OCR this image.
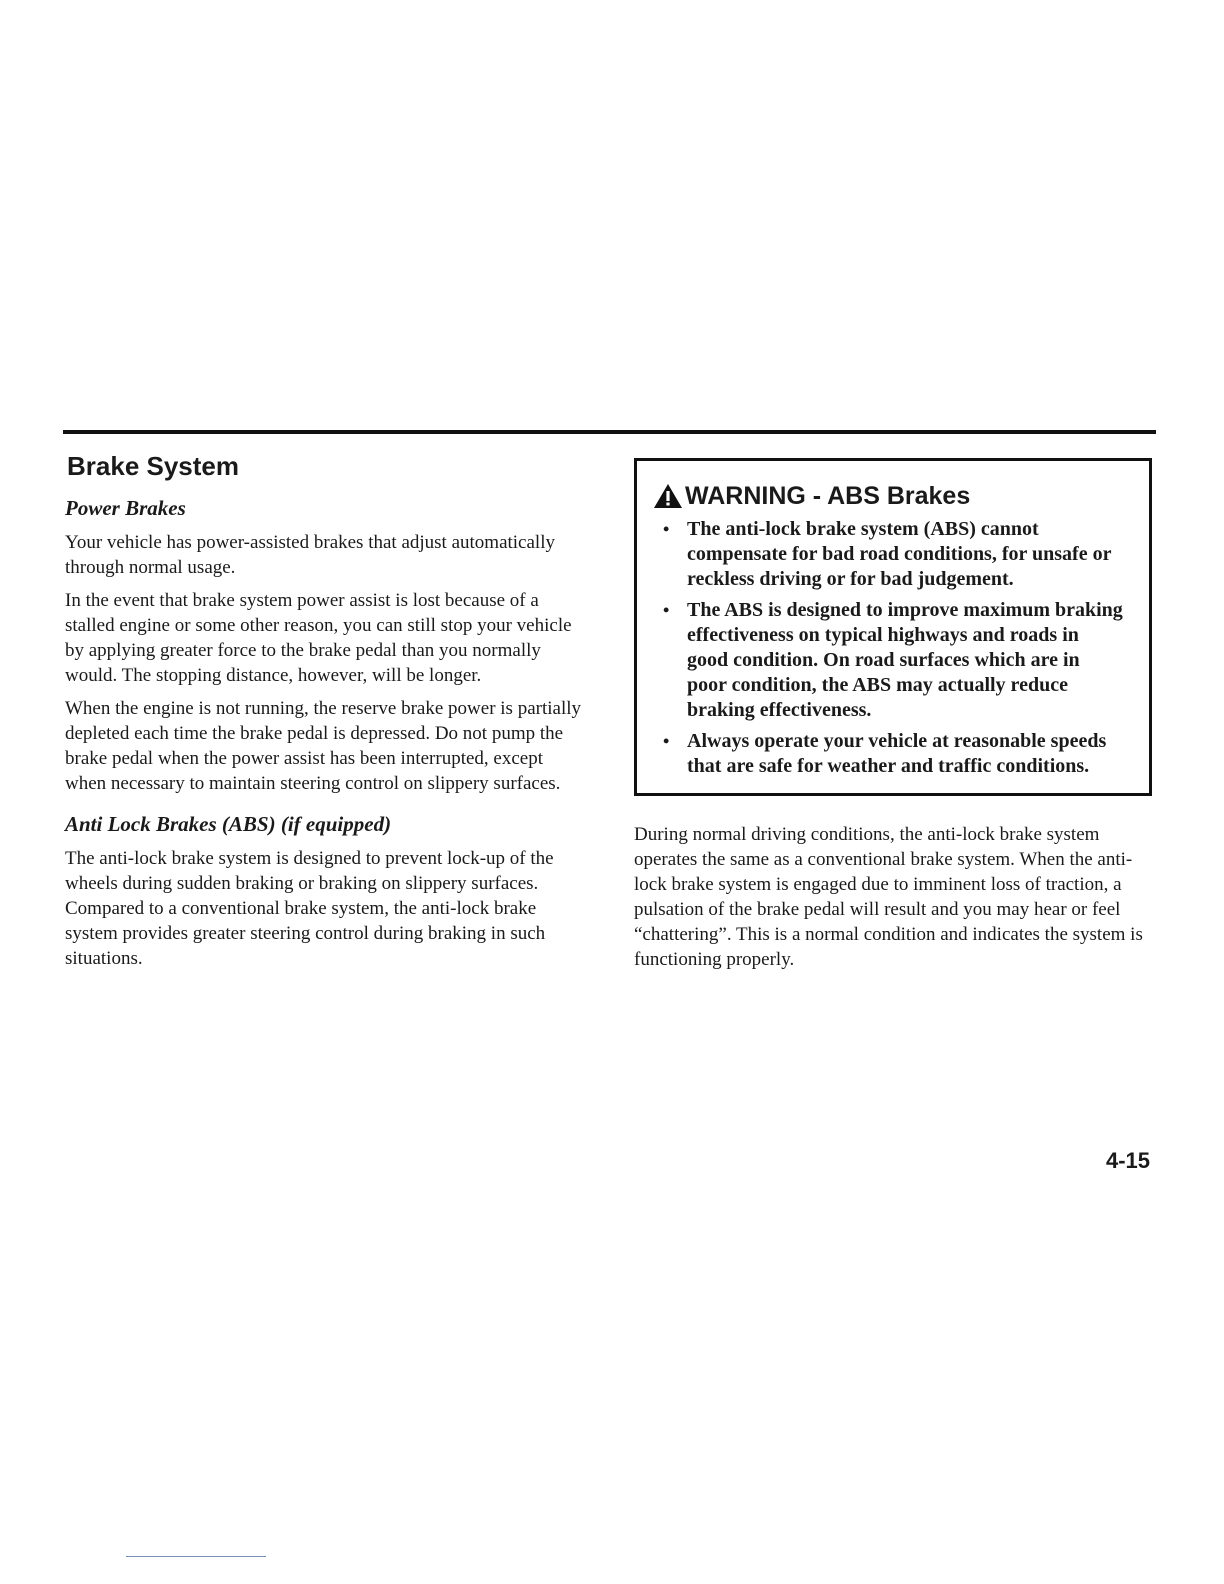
Brake System
Power Brakes

Your vehicle has power-assisted brakes that adjust automatically through normal usage.

In the event that brake system power assist is lost because of a stalled engine or some other reason, you can still stop your vehicle by applying greater force to the brake pedal than you normally would. The stopping distance, however, will be longer.

When the engine is not running, the reserve brake power is partially depleted each time the brake pedal is depressed. Do not pump the brake pedal when the power assist has been interrupted, except when necessary to maintain steering control on slippery surfaces.

Anti Lock Brakes (ABS) (if equipped)

The anti-lock brake system is designed to prevent lock-up of the wheels during sudden braking or braking on slippery surfaces. Compared to a conventional brake system, the anti-lock brake system provides greater steering control during braking in such situations.

WARNING - ABS Brakes
• The anti-lock brake system (ABS) cannot compensate for bad road conditions, for unsafe or reckless driving or for bad judgement.
• The ABS is designed to improve maximum braking effectiveness on typical highways and roads in good condition. On road surfaces which are in poor condition, the ABS may actually reduce braking effectiveness.
• Always operate your vehicle at reasonable speeds that are safe for weather and traffic conditions.

During normal driving conditions, the anti-lock brake system operates the same as a conventional brake system. When the anti-lock brake system is engaged due to imminent loss of traction, a pulsation of the brake pedal will result and you may hear or feel “chattering”. This is a normal condition and indicates the system is functioning properly.

4-15
